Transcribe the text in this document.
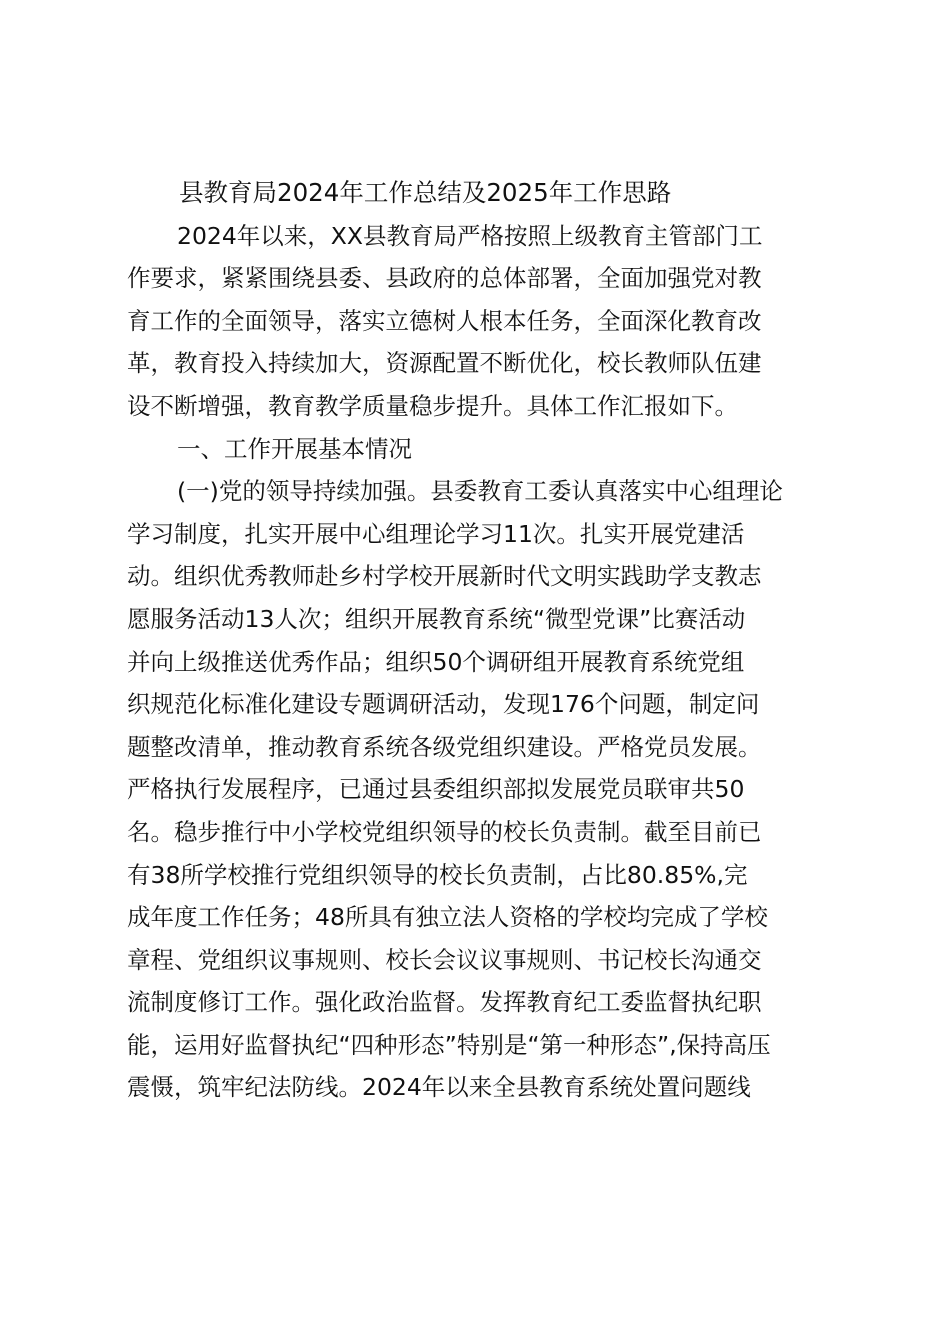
县教育局2024年工作总结及2025年工作思路
2024年以来，XX县教育局严格按照上级教育主管部门工
作要求，紧紧围绕县委、县政府的总体部署，全面加强党对教
育工作的全面领导，落实立德树人根本任务，全面深化教育改
革，教育投入持续加大，资源配置不断优化，校长教师队伍建
设不断增强，教育教学质量稳步提升。具体工作汇报如下。
一、工作开展基本情况
(一)党的领导持续加强。县委教育工委认真落实中心组理论
学习制度，扎实开展中心组理论学习11次。扎实开展党建活
动。组织优秀教师赴乡村学校开展新时代文明实践助学支教志
愿服务活动13人次；组织开展教育系统“微型党课”比赛活动
并向上级推送优秀作品；组织50个调研组开展教育系统党组
织规范化标准化建设专题调研活动，发现176个问题，制定问
题整改清单，推动教育系统各级党组织建设。严格党员发展。
严格执行发展程序，已通过县委组织部拟发展党员联审共50
名。稳步推行中小学校党组织领导的校长负责制。截至目前已
有38所学校推行党组织领导的校长负责制，占比80.85%,完
成年度工作任务；48所具有独立法人资格的学校均完成了学校
章程、党组织议事规则、校长会议议事规则、书记校长沟通交
流制度修订工作。强化政治监督。发挥教育纪工委监督执纪职
能，运用好监督执纪“四种形态”特别是“第一种形态”,保持高压
震慑，筑牢纪法防线。2024年以来全县教育系统处置问题线
